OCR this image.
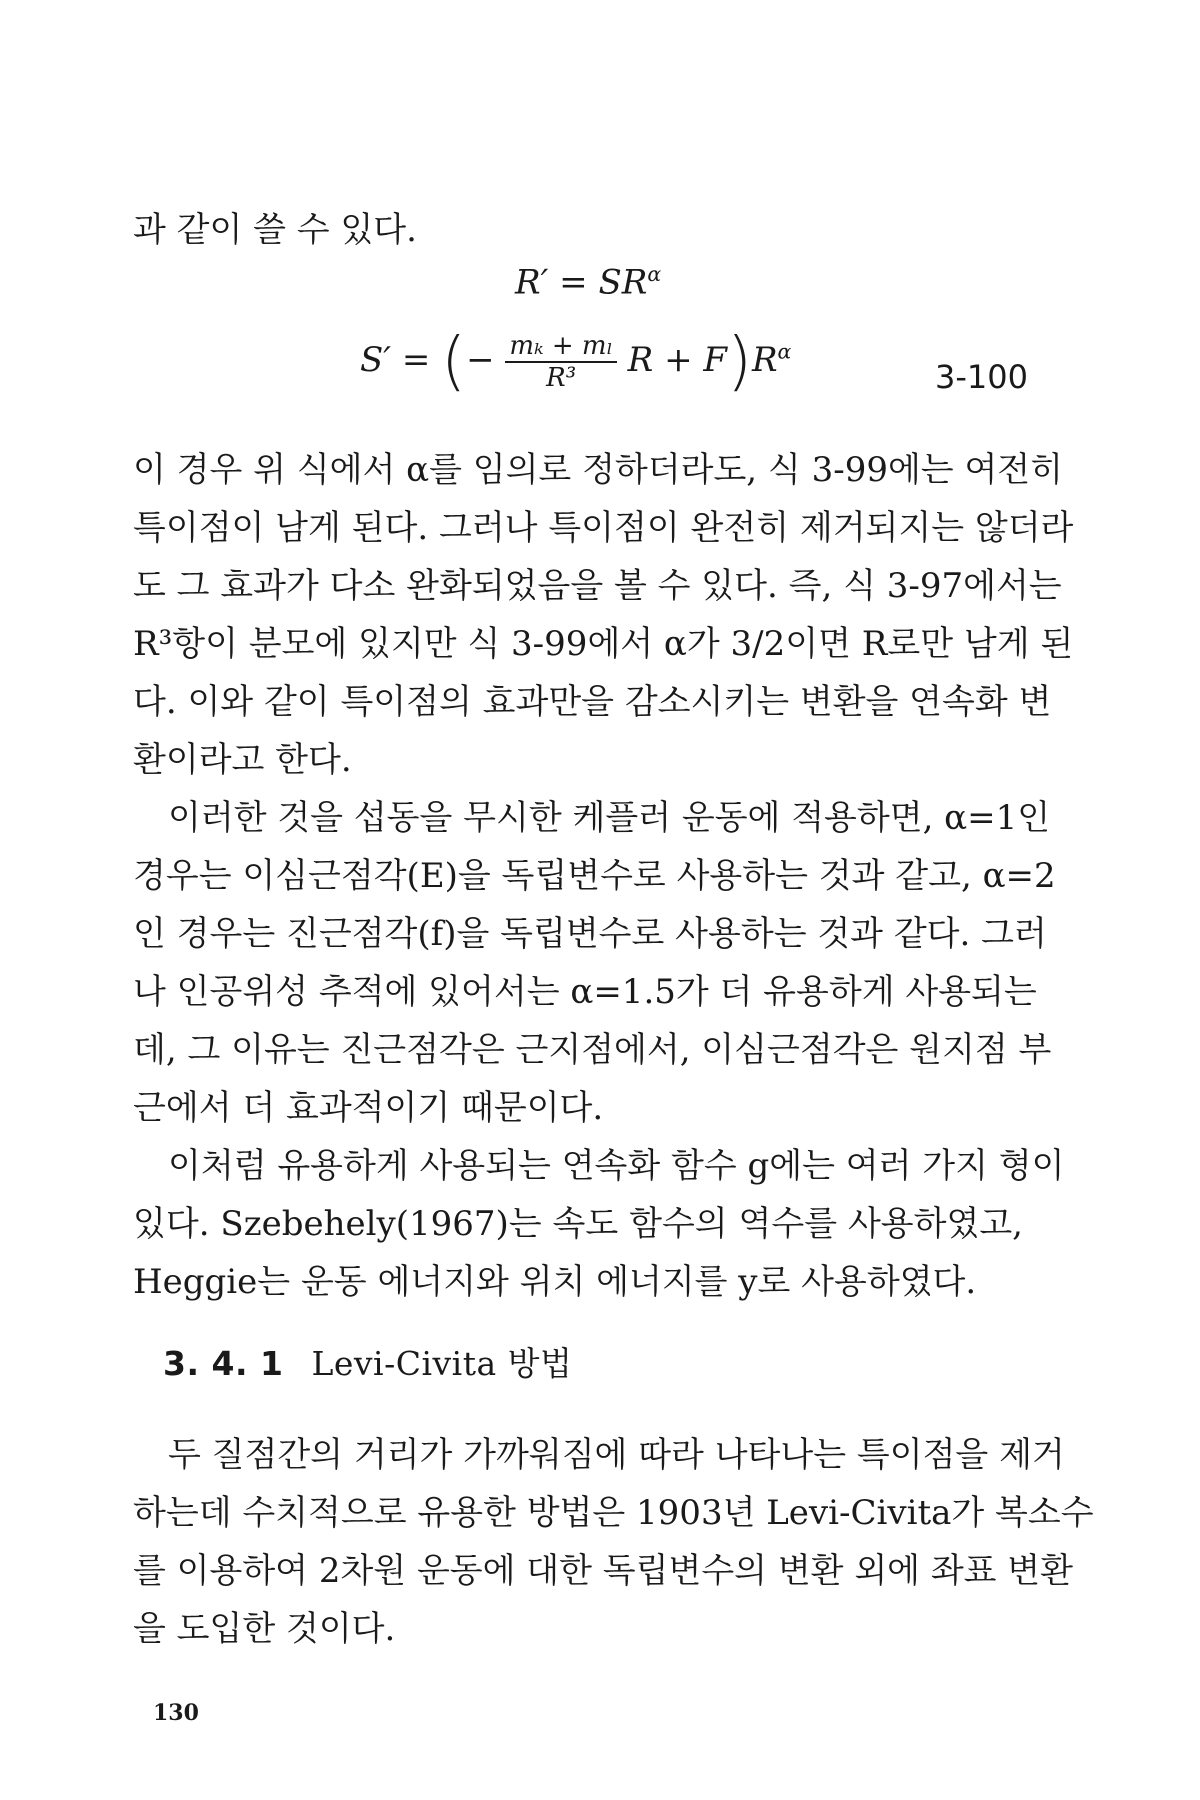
과 같이 쓸 수 있다.
$R' = SR^\alpha$
S′ = (− $\frac{\text{mₖ + mₗ}}{\text{R³}}$ $R + F)R^\alpha$
3-100
이 경우 위 식에서 α를 임의로 정하더라도, 식 3-99에는 여전히
특이점이 남게 된다. 그러나 특이점이 완전히 제거되지는 않더라
도 그 효과가 다소 완화되었음을 볼 수 있다. 즉, 식 3-97에서는
R³항이 분모에 있지만 식 3-99에서 α가 3/2이면 R로만 남게 된
다. 이와 같이 특이점의 효과만을 감소시키는 변환을 연속화 변
환이라고 한다.
이러한 것을 섭동을 무시한 케플러 운동에 적용하면, α=1인
경우는 이심근점각(E)을 독립변수로 사용하는 것과 같고, α=2
인 경우는 진근점각(f)을 독립변수로 사용하는 것과 같다. 그러
나 인공위성 추적에 있어서는 α=1.5가 더 유용하게 사용되는
데, 그 이유는 진근점각은 근지점에서, 이심근점각은 원지점 부
근에서 더 효과적이기 때문이다.
이처럼 유용하게 사용되는 연속화 함수 g에는 여러 가지 형이
있다. Szebehely(1967)는 속도 함수의 역수를 사용하였고,
Heggie는 운동 에너지와 위치 에너지를 y로 사용하였다.
3. 4. 1 Levi-Civita 방법
두 질점간의 거리가 가까워짐에 따라 나타나는 특이점을 제거
하는데 수치적으로 유용한 방법은 1903년 Levi-Civita가 복소수
를 이용하여 2차원 운동에 대한 독립변수의 변환 외에 좌표 변환
을 도입한 것이다.
130
